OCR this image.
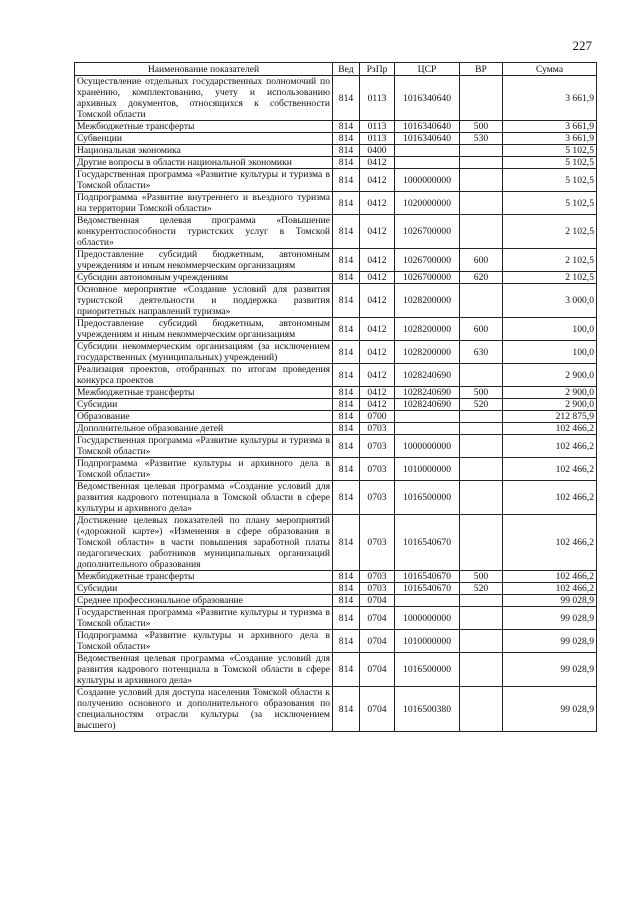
227
Наименование показателей	Вед	РзПр	ЦСР	ВР	Сумма
Осуществление отдельных государственных полномочий по хранению, комплектованию, учету и использованию архивных документов, относящихся к собственности Томской области	814	0113	1016340640		3 661,9
Межбюджетные трансферты	814	0113	1016340640	500	3 661,9
Субвенции	814	0113	1016340640	530	3 661,9
Национальная экономика	814	0400			5 102,5
Другие вопросы в области национальной экономики	814	0412			5 102,5
Государственная программа «Развитие культуры и туризма в Томской области»	814	0412	1000000000		5 102,5
Подпрограмма «Развитие внутреннего и въездного туризма на территории Томской области»	814	0412	1020000000		5 102,5
Ведомственная целевая программа «Повышение конкурентоспособности туристских услуг в Томской области»	814	0412	1026700000		2 102,5
Предоставление субсидий бюджетным, автономным учреждениям и иным некоммерческим организациям	814	0412	1026700000	600	2 102,5
Субсидии автономным учреждениям	814	0412	1026700000	620	2 102,5
Основное мероприятие «Создание условий для развития туристской деятельности и поддержка развития приоритетных направлений туризма»	814	0412	1028200000		3 000,0
Предоставление субсидий бюджетным, автономным учреждениям и иным некоммерческим организациям	814	0412	1028200000	600	100,0
Субсидии некоммерческим организациям (за исключением государственных (муниципальных) учреждений)	814	0412	1028200000	630	100,0
Реализация проектов, отобранных по итогам проведения конкурса проектов	814	0412	1028240690		2 900,0
Межбюджетные трансферты	814	0412	1028240690	500	2 900,0
Субсидии	814	0412	1028240690	520	2 900,0
Образование	814	0700			212 875,9
Дополнительное образование детей	814	0703			102 466,2
Государственная программа «Развитие культуры и туризма в Томской области»	814	0703	1000000000		102 466,2
Подпрограмма «Развитие культуры и архивного дела в Томской области»	814	0703	1010000000		102 466,2
Ведомственная целевая программа «Создание условий для развития кадрового потенциала в Томской области в сфере культуры и архивного дела»	814	0703	1016500000		102 466,2
Достижение целевых показателей по плану мероприятий («дорожной карте») «Изменения в сфере образования в Томской области» в части повышения заработной платы педагогических работников муниципальных организаций дополнительного образования	814	0703	1016540670		102 466,2
Межбюджетные трансферты	814	0703	1016540670	500	102 466,2
Субсидии	814	0703	1016540670	520	102 466,2
Среднее профессиональное образование	814	0704			99 028,9
Государственная программа «Развитие культуры и туризма в Томской области»	814	0704	1000000000		99 028,9
Подпрограмма «Развитие культуры и архивного дела в Томской области»	814	0704	1010000000		99 028,9
Ведомственная целевая программа «Создание условий для развития кадрового потенциала в Томской области в сфере культуры и архивного дела»	814	0704	1016500000		99 028,9
Создание условий для доступа населения Томской области к получению основного и дополнительного образования по специальностям отрасли культуры (за исключением высшего)	814	0704	1016500380		99 028,9
